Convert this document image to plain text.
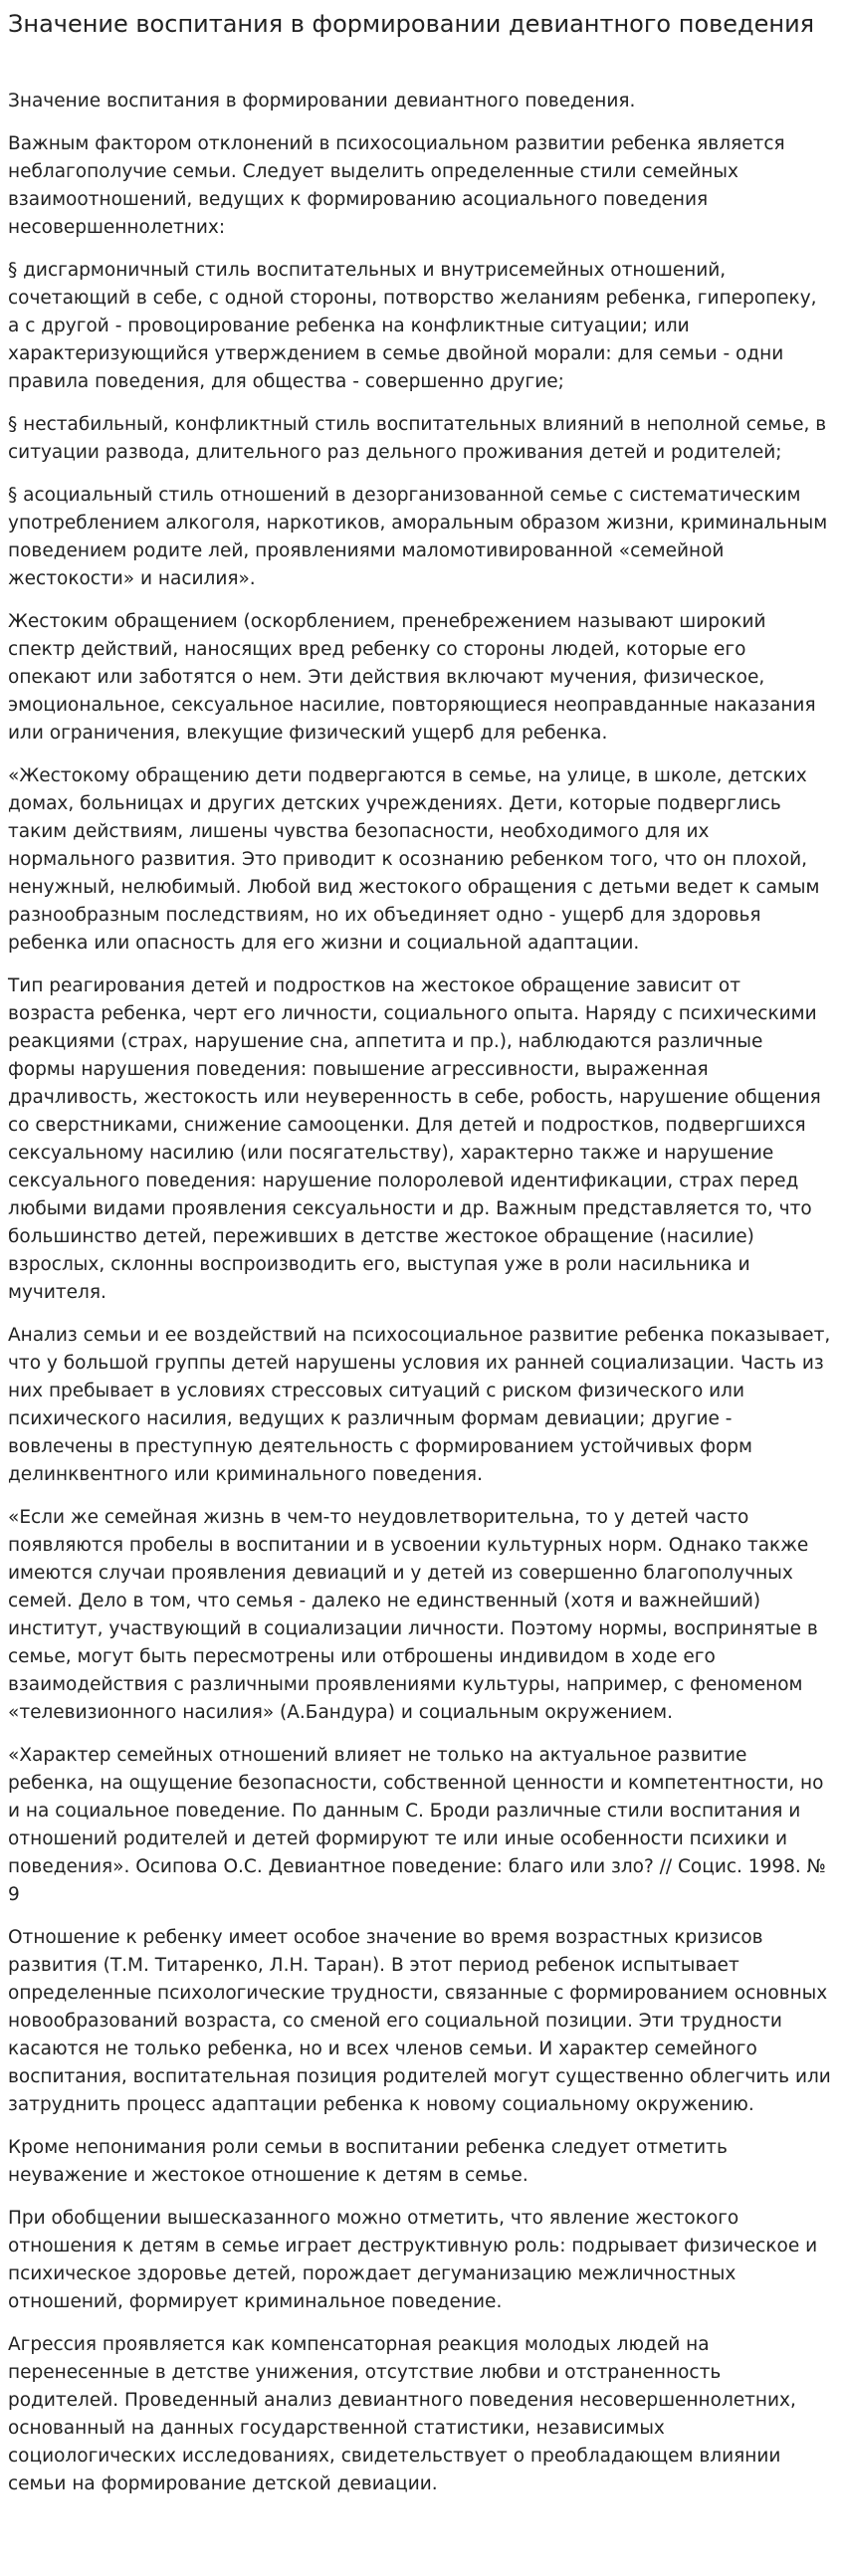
Значение воспитания в формировании девиантного поведения

Значение воспитания в формировании девиантного поведения.

Важным фактором отклонений в психосоциальном развитии ребенка является неблагополучие семьи. Следует выделить определенные стили семейных взаимоотношений, ведущих к формированию асоциального поведения несовершеннолетних:

§ дисгармоничный стиль воспитательных и внутрисемейных отношений, сочетающий в себе, с одной стороны, потворство желаниям ребенка, гиперопеку, а с другой - провоцирование ребенка на конфликтные ситуации; или характеризующийся утверждением в семье двойной морали: для семьи - одни правила поведения, для общества - совершенно другие;

§ нестабильный, конфликтный стиль воспитательных влияний в неполной семье, в ситуации развода, длительного раз дельного проживания детей и родителей;

§ асоциальный стиль отношений в дезорганизованной семье с систематическим употреблением алкоголя, наркотиков, аморальным образом жизни, криминальным поведением родите лей, проявлениями маломотивированной «семейной жестокости» и насилия».

Жестоким обращением (оскорблением, пренебрежением называют широкий спектр действий, наносящих вред ребенку со стороны людей, которые его опекают или заботятся о нем. Эти действия включают мучения, физическое, эмоциональное, сексуальное насилие, повторяющиеся неоправданные наказания или ограничения, влекущие физический ущерб для ребенка.

«Жестокому обращению дети подвергаются в семье, на улице, в школе, детских домах, больницах и других детских учреждениях. Дети, которые подверглись таким действиям, лишены чувства безопасности, необходимого для их нормального развития. Это приводит к осознанию ребенком того, что он плохой, ненужный, нелюбимый. Любой вид жестокого обращения с детьми ведет к самым разнообразным последствиям, но их объединяет одно - ущерб для здоровья ребенка или опасность для его жизни и социальной адаптации.

Тип реагирования детей и подростков на жестокое обращение зависит от возраста ребенка, черт его личности, социального опыта. Наряду с психическими реакциями (страх, нарушение сна, аппетита и пр.), наблюдаются различные формы нарушения поведения: повышение агрессивности, выраженная драчливость, жестокость или неуверенность в себе, робость, нарушение общения со сверстниками, снижение самооценки. Для детей и подростков, подвергшихся сексуальному насилию (или посягательству), характерно также и нарушение сексуального поведения: нарушение полоролевой идентификации, страх перед любыми видами проявления сексуальности и др. Важным представляется то, что большинство детей, переживших в детстве жестокое обращение (насилие) взрослых, склонны воспроизводить его, выступая уже в роли насильника и мучителя.

Анализ семьи и ее воздействий на психосоциальное развитие ребенка показывает, что у большой группы детей нарушены условия их ранней социализации. Часть из них пребывает в условиях стрессовых ситуаций с риском физического или психического насилия, ведущих к различным формам девиации; другие - вовлечены в преступную деятельность с формированием устойчивых форм делинквентного или криминального поведения.

«Если же семейная жизнь в чем-то неудовлетворительна, то у детей часто появляются пробелы в воспитании и в усвоении культурных норм. Однако также имеются случаи проявления девиаций и у детей из совершенно благополучных семей. Дело в том, что семья - далеко не единственный (хотя и важнейший) институт, участвующий в социализации личности. Поэтому нормы, воспринятые в семье, могут быть пересмотрены или отброшены индивидом в ходе его взаимодействия с различными проявлениями культуры, например, с феноменом «телевизионного насилия» (А.Бандура) и социальным окружением.

«Характер семейных отношений влияет не только на актуальное развитие ребенка, на ощущение безопасности, собственной ценности и компетентности, но и на социальное поведение. По данным С. Броди различные стили воспитания и отношений родителей и детей формируют те или иные особенности психики и поведения». Осипова О.С. Девиантное поведение: благо или зло? // Социс. 1998. № 9

Отношение к ребенку имеет особое значение во время возрастных кризисов развития (Т.М. Титаренко, Л.Н. Таран). В этот период ребенок испытывает определенные психологические трудности, связанные с формированием основных новообразований возраста, со сменой его социальной позиции. Эти трудности касаются не только ребенка, но и всех членов семьи. И характер семейного воспитания, воспитательная позиция родителей могут существенно облегчить или затруднить процесс адаптации ребенка к новому социальному окружению.

Кроме непонимания роли семьи в воспитании ребенка следует отметить неуважение и жестокое отношение к детям в семье.

При обобщении вышесказанного можно отметить, что явление жестокого отношения к детям в семье играет деструктивную роль: подрывает физическое и психическое здоровье детей, порождает дегуманизацию межличностных отношений, формирует криминальное поведение.

Агрессия проявляется как компенсаторная реакция молодых людей на перенесенные в детстве унижения, отсутствие любви и отстраненность родителей. Проведенный анализ девиантного поведения несовершеннолетних, основанный на данных государственной статистики, независимых социологических исследованиях, свидетельствует о преобладающем влиянии семьи на формирование детской девиации.
